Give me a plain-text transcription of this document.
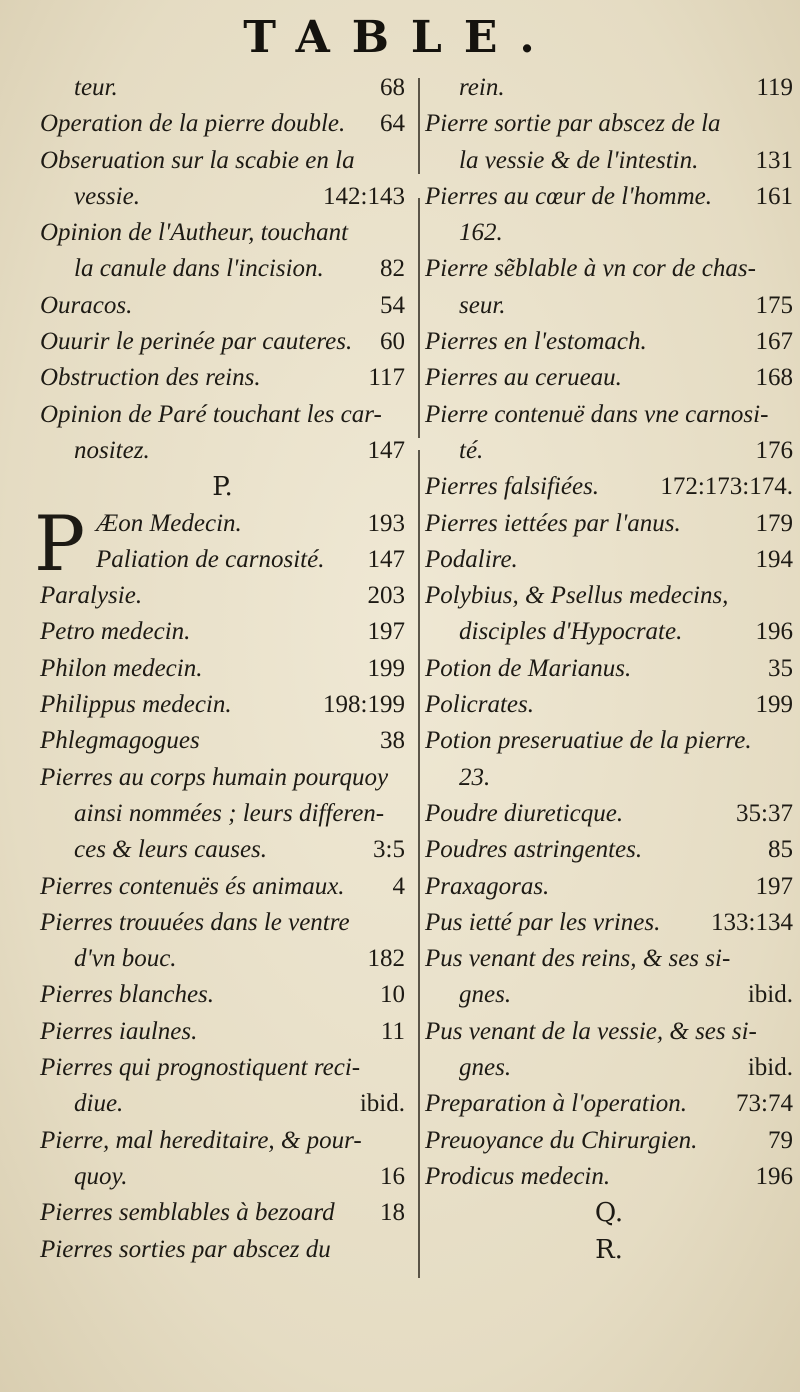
TABLE.
teur.	68
Operation de la pierre double. 64
Obseruation sur la scabie en la
vessie.	142:143
Opinion de l'Autheur, touchant
la canule dans l'incision. 82
Ouracos.	54
Ouurir le perinée par cauteres. 60
Obstruction des reins.	117
Opinion de Paré touchant les car-
nositez.	147
P.
P Æon Medecin.	193
Paliation de carnosité. 147
Paralysie.	203
Petro medecin.	197
Philon medecin.	199
Philippus medecin.	198:199
Phlegmagogues	38
Pierres au corps humain pourquoy
ainsi nommées ; leurs differen-
ces & leurs causes.	3:5
Pierres contenuës és animaux. 4
Pierres trouuées dans le ventre
d'vn bouc.	182
Pierres blanches.	10
Pierres iaulnes.	11
Pierres qui prognostiquent reci-
diue.	ibid.
Pierre, mal hereditaire, & pour-
quoy.	16
Pierres semblables à bezoard 18
Pierres sorties par abscez du
rein.	119
Pierre sortie par abscez de la
la vessie & de l'intestin. 131
Pierres au cœur de l'homme. 161
162.
Pierre sẽblable à vn cor de chas-
seur.	175
Pierres en l'estomach.	167
Pierres au cerueau.	168
Pierre contenuë dans vne carnosi-
té.	176
Pierres falsifiées. 172:173:174.
Pierres iettées par l'anus.	179
Podalire.	194
Polybius, & Psellus medecins,
disciples d'Hypocrate.	196
Potion de Marianus.	35
Policrates.	199
Potion preseruatiue de la pierre.
23.
Poudre diureticque.	35:37
Poudres astringentes.	85
Praxagoras.	197
Pus ietté par les vrines. 133:134
Pus venant des reins, & ses si-
gnes.	ibid.
Pus venant de la vessie, & ses si-
gnes.	ibid.
Preparation à l'operation. 73:74
Preuoyance du Chirurgien.	79
Prodicus medecin.	196
Q.
R.
